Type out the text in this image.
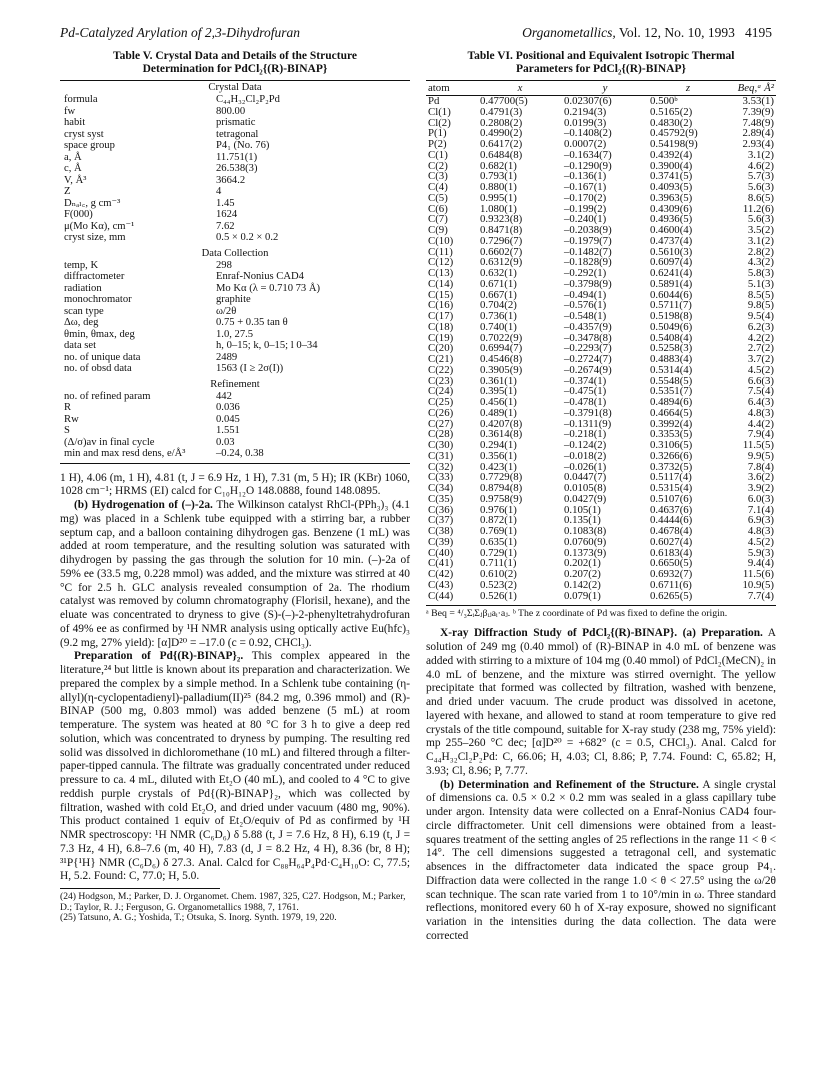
Pd-Catalyzed Arylation of 2,3-Dihydrofuran	Organometallics, Vol. 12, No. 10, 1993 4195
Table V. Crystal Data and Details of the Structure
Determination for PdCl₂{(R)-BINAP}
Crystal Data
formula	C₄₄H₃₂Cl₂P₂Pd
fw	800.00
habit	prismatic
cryst syst	tetragonal
space group	P4₁ (No. 76)
a, Å	11.751(1)
c, Å	26.538(3)
V, Å³	3664.2
Z	4
Dₙₐₗ꜀, g cm⁻³	1.45
F(000)	1624
μ(Mo Kα), cm⁻¹	7.62
cryst size, mm	0.5 × 0.2 × 0.2
Data Collection
temp, K	298
diffractometer	Enraf-Nonius CAD4
radiation	Mo Kα (λ = 0.710 73 Å)
monochromator	graphite
scan type	ω/2θ
Δω, deg	0.75 + 0.35 tan θ
θmin, θmax, deg	1.0, 27.5
data set	h, 0–15; k, 0–15; l 0–34
no. of unique data	2489
no. of obsd data	1563 (I ≥ 2σ(I))
Refinement
no. of refined param	442
R	0.036
Rw	0.045
S	1.551
(Δ/σ)av in final cycle	0.03
min and max resd dens, e/Å³	–0.24, 0.38

1 H), 4.06 (m, 1 H), 4.81 (t, J = 6.9 Hz, 1 H), 7.31 (m, 5 H); IR (KBr) 1060, 1028 cm⁻¹; HRMS (EI) calcd for C₁₀H₁₂O 148.0888, found 148.0895.

(b) Hydrogenation of (–)-2a. The Wilkinson catalyst RhCl-(PPh₃)₃ (4.1 mg) was placed in a Schlenk tube equipped with a stirring bar, a rubber septum cap, and a balloon containing dihydrogen gas. Benzene (1 mL) was added at room temperature, and the resulting solution was saturated with dihydrogen by passing the gas through the solution for 10 min. (–)-2a of 59% ee (33.5 mg, 0.228 mmol) was added, and the mixture was stirred at 40 °C for 2.5 h. GLC analysis revealed consumption of 2a. The rhodium catalyst was removed by column chromatography (Florisil, hexane), and the eluate was concentrated to dryness to give (S)-(–)-2-phenyltetrahydrofuran of 49% ee as confirmed by ¹H NMR analysis using optically active Eu(hfc)₃ (9.2 mg, 27% yield): [α]D²⁰ = –17.0 (c = 0.92, CHCl₃).

Preparation of Pd{(R)-BINAP}₂. This complex appeared in the literature,²⁴ but little is known about its preparation and characterization. We prepared the complex by a simple method. In a Schlenk tube containing (η-allyl)(η-cyclopentadienyl)-palladium(II)²⁵ (84.2 mg, 0.396 mmol) and (R)-BINAP (500 mg, 0.803 mmol) was added benzene (5 mL) at room temperature. The system was heated at 80 °C for 3 h to give a deep red solution, which was concentrated to dryness by pumping. The resulting red solid was dissolved in dichloromethane (10 mL) and filtered through a filter-paper-tipped cannula. The filtrate was gradually concentrated under reduced pressure to ca. 4 mL, diluted with Et₂O (40 mL), and cooled to 4 °C to give reddish purple crystals of Pd{(R)-BINAP}₂, which was collected by filtration, washed with cold Et₂O, and dried under vacuum (480 mg, 90%). This product contained 1 equiv of Et₂O/equiv of Pd as confirmed by ¹H NMR spectroscopy: ¹H NMR (C₆D₆) δ 5.88 (t, J = 7.6 Hz, 8 H), 6.19 (t, J = 7.3 Hz, 4 H), 6.8–7.6 (m, 40 H), 7.83 (d, J = 8.2 Hz, 4 H), 8.36 (br, 8 H); ³¹P{¹H} NMR (C₆D₆) δ 27.3. Anal. Calcd for C₈₈H₆₄P₄Pd·C₄H₁₀O: C, 77.5; H, 5.2. Found: C, 77.0; H, 5.0.

(24) Hodgson, M.; Parker, D. J. Organomet. Chem. 1987, 325, C27. Hodgson, M.; Parker, D.; Taylor, R. J.; Ferguson, G. Organometallics 1988, 7, 1761.
(25) Tatsuno, A. G.; Yoshida, T.; Otsuka, S. Inorg. Synth. 1979, 19, 220.
Table VI. Positional and Equivalent Isotropic Thermal
Parameters for PdCl₂{(R)-BINAP}
atom	x	y	z	Beq,ᵃ Å²
Pd	0.47700(5)	0.02307(6)	0.500ᵇ	3.53(1)
Cl(1)	0.4791(3)	0.2194(3)	0.5165(2)	7.39(9)
Cl(2)	0.2808(2)	0.0199(3)	0.4830(2)	7.48(9)
P(1)	0.4990(2)	–0.1408(2)	0.45792(9)	2.89(4)
P(2)	0.6417(2)	0.0007(2)	0.54198(9)	2.93(4)
C(1)	0.6484(8)	–0.1634(7)	0.4392(4)	3.1(2)
C(2)	0.682(1)	–0.1290(9)	0.3900(4)	4.6(2)
C(3)	0.793(1)	–0.136(1)	0.3741(5)	5.7(3)
C(4)	0.880(1)	–0.167(1)	0.4093(5)	5.6(3)
C(5)	0.995(1)	–0.170(2)	0.3963(5)	8.6(5)
C(6)	1.080(1)	–0.199(2)	0.4309(6)	11.2(6)
C(7)	0.9323(8)	–0.240(1)	0.4936(5)	5.6(3)
C(9)	0.8471(8)	–0.2038(9)	0.4600(4)	3.5(2)
C(10)	0.7296(7)	–0.1979(7)	0.4737(4)	3.1(2)
C(11)	0.6602(7)	–0.1482(7)	0.5610(3)	2.8(2)
C(12)	0.6312(9)	–0.1828(9)	0.6097(4)	4.3(2)
C(13)	0.632(1)	–0.292(1)	0.6241(4)	5.8(3)
C(14)	0.671(1)	–0.3798(9)	0.5891(4)	5.1(3)
C(15)	0.667(1)	–0.494(1)	0.6044(6)	8.5(5)
C(16)	0.704(2)	–0.576(1)	0.5711(7)	9.8(5)
C(17)	0.736(1)	–0.548(1)	0.5198(8)	9.5(4)
C(18)	0.740(1)	–0.4357(9)	0.5049(6)	6.2(3)
C(19)	0.7022(9)	–0.3478(8)	0.5408(4)	4.2(2)
C(20)	0.6994(7)	–0.2293(7)	0.5258(3)	2.7(2)
C(21)	0.4546(8)	–0.2724(7)	0.4883(4)	3.7(2)
C(22)	0.3905(9)	–0.2674(9)	0.5314(4)	4.5(2)
C(23)	0.361(1)	–0.374(1)	0.5548(5)	6.6(3)
C(24)	0.395(1)	–0.475(1)	0.5351(7)	7.5(4)
C(25)	0.456(1)	–0.478(1)	0.4894(6)	6.4(3)
C(26)	0.489(1)	–0.3791(8)	0.4664(5)	4.8(3)
C(27)	0.4207(8)	–0.1311(9)	0.3992(4)	4.4(2)
C(28)	0.3614(8)	–0.218(1)	0.3353(5)	7.9(4)
C(30)	0.294(1)	–0.124(2)	0.3106(5)	11.5(5)
C(31)	0.356(1)	–0.018(2)	0.3266(6)	9.9(5)
C(32)	0.423(1)	–0.026(1)	0.3732(5)	7.8(4)
C(33)	0.7729(8)	0.0447(7)	0.5117(4)	3.6(2)
C(34)	0.8794(8)	0.0105(8)	0.5315(4)	3.9(2)
C(35)	0.9758(9)	0.0427(9)	0.5107(6)	6.0(3)
C(36)	0.976(1)	0.105(1)	0.4637(6)	7.1(4)
C(37)	0.872(1)	0.135(1)	0.4444(6)	6.9(3)
C(38)	0.769(1)	0.1083(8)	0.4678(4)	4.8(3)
C(39)	0.635(1)	0.0760(9)	0.6027(4)	4.5(2)
C(40)	0.729(1)	0.1373(9)	0.6183(4)	5.9(3)
C(41)	0.711(1)	0.202(1)	0.6650(5)	9.4(4)
C(42)	0.610(2)	0.207(2)	0.6932(7)	11.5(6)
C(43)	0.523(2)	0.142(2)	0.6711(6)	10.9(5)
C(44)	0.526(1)	0.079(1)	0.6265(5)	7.7(4)
ᵃ Beq = ⁴/₃ΣᵢΣⱼβᵢⱼaᵢ·aⱼ. ᵇ The z coordinate of Pd was fixed to define the origin.

X-ray Diffraction Study of PdCl₂{(R)-BINAP}. (a) Preparation. A solution of 249 mg (0.40 mmol) of (R)-BINAP in 4.0 mL of benzene was added with stirring to a mixture of 104 mg (0.40 mmol) of PdCl₂(MeCN)₂ in 4.0 mL of benzene, and the mixture was stirred overnight. The yellow precipitate that formed was collected by filtration, washed with benzene, and dried under vacuum. The crude product was dissolved in acetone, layered with hexane, and allowed to stand at room temperature to give red crystals of the title compound, suitable for X-ray study (238 mg, 75% yield): mp 255–260 °C dec; [α]D²⁰ = +682° (c = 0.5, CHCl₃). Anal. Calcd for C₄₄H₃₂Cl₂P₂Pd: C, 66.06; H, 4.03; Cl, 8.86; P, 7.74. Found: C, 65.82; H, 3.93; Cl, 8.96; P, 7.77.

(b) Determination and Refinement of the Structure. A single crystal of dimensions ca. 0.5 × 0.2 × 0.2 mm was sealed in a glass capillary tube under argon. Intensity data were collected on a Enraf-Nonius CAD4 four-circle diffractometer. Unit cell dimensions were obtained from a least-squares treatment of the setting angles of 25 reflections in the range 11 < θ < 14°. The cell dimensions suggested a tetragonal cell, and systematic absences in the diffractometer data indicated the space group P4₁. Diffraction data were collected in the range 1.0 < θ < 27.5° using the ω/2θ scan technique. The scan rate varied from 1 to 10°/min in ω. Three standard reflections, monitored every 60 h of X-ray exposure, showed no significant variation in the intensities during the data collection. The data were corrected
